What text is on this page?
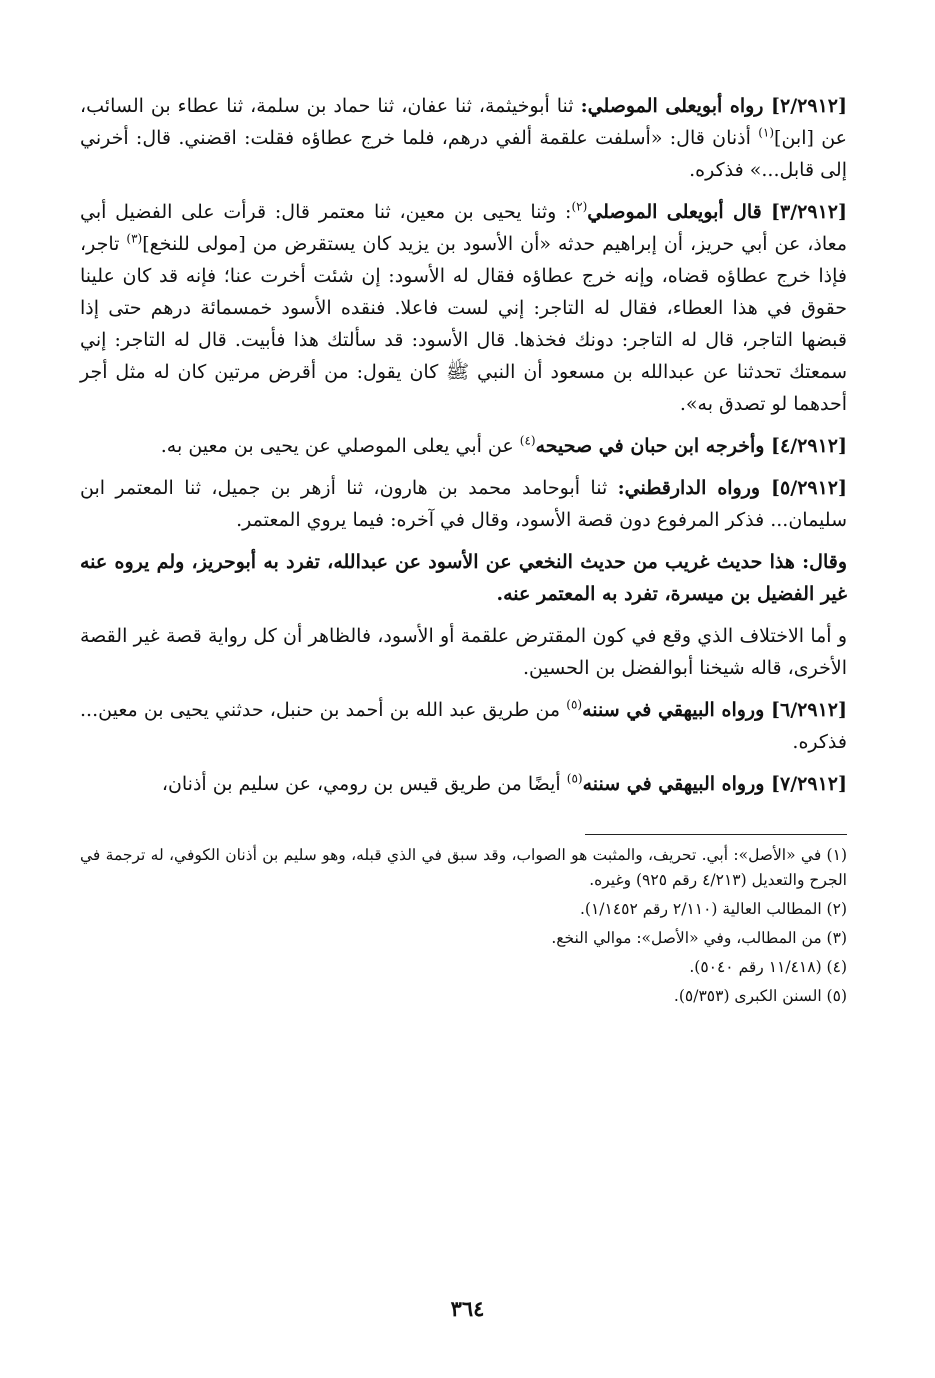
[٢/٢٩١٢] رواه أبويعلى الموصلي: ثنا أبوخيثمة، ثنا عفان، ثنا حماد بن سلمة، ثنا عطاء بن السائب، عن [ابن]$^{(١)}$ أذنان قال: «أسلفت علقمة ألفي درهم، فلما خرج عطاؤه فقلت: اقضني. قال: أخرني إلى قابل...» فذكره.

[٣/٢٩١٢] قال أبويعلى الموصلي$^{(٢)}$: وثنا يحيى بن معين، ثنا معتمر قال: قرأت على الفضيل أبي معاذ، عن أبي حريز، أن إبراهيم حدثه «أن الأسود بن يزيد كان يستقرض من [مولى للنخع]$^{(٣)}$ تاجر، فإذا خرج عطاؤه قضاه، وإنه خرج عطاؤه فقال له الأسود: إن شئت أخرت عنا؛ فإنه قد كان علينا حقوق في هذا العطاء، فقال له التاجر: إني لست فاعلا. فنقده الأسود خمسمائة درهم حتى إذا قبضها التاجر، قال له التاجر: دونك فخذها. قال الأسود: قد سألتك هذا فأبيت. قال له التاجر: إني سمعتك تحدثنا عن عبدالله بن مسعود أن النبي ﷺ كان يقول: من أقرض مرتين كان له مثل أجر أحدهما لو تصدق به».

[٤/٢٩١٢] وأخرجه ابن حبان في صحيحه$^{(٤)}$ عن أبي يعلى الموصلي عن يحيى بن معين به.

[٥/٢٩١٢] ورواه الدارقطني: ثنا أبوحامد محمد بن هارون، ثنا أزهر بن جميل، ثنا المعتمر ابن سليمان... فذكر المرفوع دون قصة الأسود، وقال في آخره: فيما يروي المعتمر.

وقال: هذا حديث غريب من حديث النخعي عن الأسود عن عبدالله، تفرد به أبوحريز، ولم يروه عنه غير الفضيل بن ميسرة، تفرد به المعتمر عنه.

و أما الاختلاف الذي وقع في كون المقترض علقمة أو الأسود، فالظاهر أن كل رواية قصة غير القصة الأخرى، قاله شيخنا أبوالفضل بن الحسين.

[٦/٢٩١٢] ورواه البيهقي في سننه$^{(٥)}$ من طريق عبد الله بن أحمد بن حنبل، حدثني يحيى بن معين... فذكره.

[٧/٢٩١٢] ورواه البيهقي في سننه$^{(٥)}$ أيضًا من طريق قيس بن رومي، عن سليم بن أذنان،

(١) في «الأصل»: أبي. تحريف، والمثبت هو الصواب، وقد سبق في الذي قبله، وهو سليم بن أذنان الكوفي، له ترجمة في الجرح والتعديل (٤/٢١٣ رقم ٩٢٥) وغيره.

(٢) المطالب العالية (٢/١١٠ رقم ١/١٤٥٢).

(٣) من المطالب، وفي «الأصل»: موالي النخع.

(٤) (١١/٤١٨ رقم ٥٠٤٠).

(٥) السنن الكبرى (٥/٣٥٣).

٣٦٤
